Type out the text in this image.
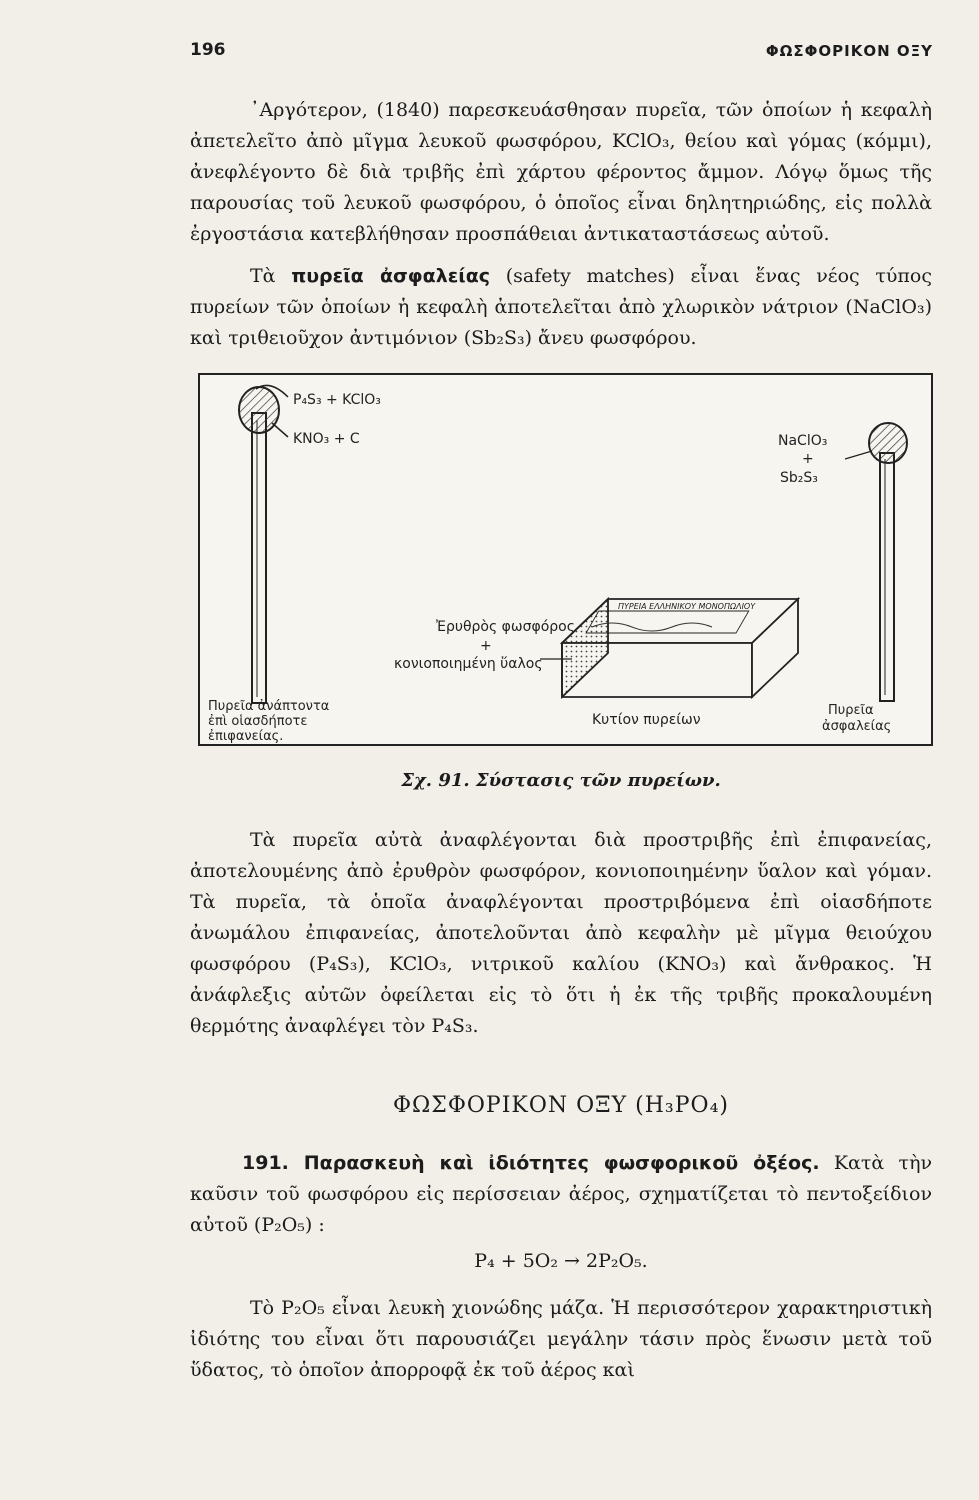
196	ΦΩΣΦΟΡΙΚΟΝ ΟΞΥ

᾿Αργότερον, (1840) παρεσκευάσθησαν πυρεῖα, τῶν ὁποίων ἡ κεφαλὴ ἀπετελεῖτο ἀπὸ μῖγμα λευκοῦ φωσφόρου, KClO₃, θείου καὶ γόμας (κόμμι), ἀνεφλέγοντο δὲ διὰ τριβῆς ἐπὶ χάρτου φέροντος ἄμμον. Λόγῳ ὅμως τῆς παρουσίας τοῦ λευκοῦ φωσφόρου, ὁ ὁποῖος εἶναι δηλητηριώδης, εἰς πολλὰ ἐργοστάσια κατεβλήθησαν προσπάθειαι ἀντικαταστάσεως αὐτοῦ.

Τὰ πυρεῖα ἀσφαλείας (safety matches) εἶναι ἕνας νέος τύπος πυρείων τῶν ὁποίων ἡ κεφαλὴ ἀποτελεῖται ἀπὸ χλωρικὸν νάτριον (NaClO₃) καὶ τριθειοῦχον ἀντιμόνιον (Sb₂S₃) ἄνευ φωσφόρου.

P₄S₃ + KClO₃
KNO₃ + C
Πυρεῖα ἀνάπτοντα
ἐπὶ οἱασδήποτε
ἐπιφανείας.
NaClO₃
+
Sb₂S₃
Πυρεῖα
ἀσφαλείας
ΠΥΡΕΙΑ ΕΛΛΗΝΙΚΟΥ ΜΟΝΟΠΩΛΙΟΥ
Κυτίον πυρείων
Ἐρυθρὸς φωσφόρος
+
κονιοποιημένη ὕαλος
Σχ. 91. Σύστασις τῶν πυρείων.

Τὰ πυρεῖα αὐτὰ ἀναφλέγονται διὰ προστριβῆς ἐπὶ ἐπιφανείας, ἀποτελουμένης ἀπὸ ἐρυθρὸν φωσφόρον, κονιοποιημένην ὕαλον καὶ γόμαν. Τὰ πυρεῖα, τὰ ὁποῖα ἀναφλέγονται προστριβόμενα ἐπὶ οἱασδήποτε ἀνωμάλου ἐπιφανείας, ἀποτελοῦνται ἀπὸ κεφαλὴν μὲ μῖγμα θειούχου φωσφόρου (P₄S₃), KClO₃, νιτρικοῦ καλίου (KNO₃) καὶ ἄνθρακος. Ἡ ἀνάφλεξις αὐτῶν ὀφείλεται εἰς τὸ ὅτι ἡ ἐκ τῆς τριβῆς προκαλουμένη θερμότης ἀναφλέγει τὸν P₄S₃.

ΦΩΣΦΟΡΙΚΟΝ ΟΞΥ (H₃PO₄)

191. Παρασκευὴ καὶ ἰδιότητες φωσφορικοῦ ὀξέος. Κατὰ τὴν καῦσιν τοῦ φωσφόρου εἰς περίσσειαν ἀέρος, σχηματίζεται τὸ πεντοξείδιον αὐτοῦ (P₂O₅) :

P₄ + 5O₂ → 2P₂O₅.

Τὸ P₂O₅ εἶναι λευκὴ χιονώδης μάζα. Ἡ περισσότερον χαρακτηριστικὴ ἰδιότης του εἶναι ὅτι παρουσιάζει μεγάλην τάσιν πρὸς ἕνωσιν μετὰ τοῦ ὕδατος, τὸ ὁποῖον ἀπορροφᾷ ἐκ τοῦ ἀέρος καὶ
